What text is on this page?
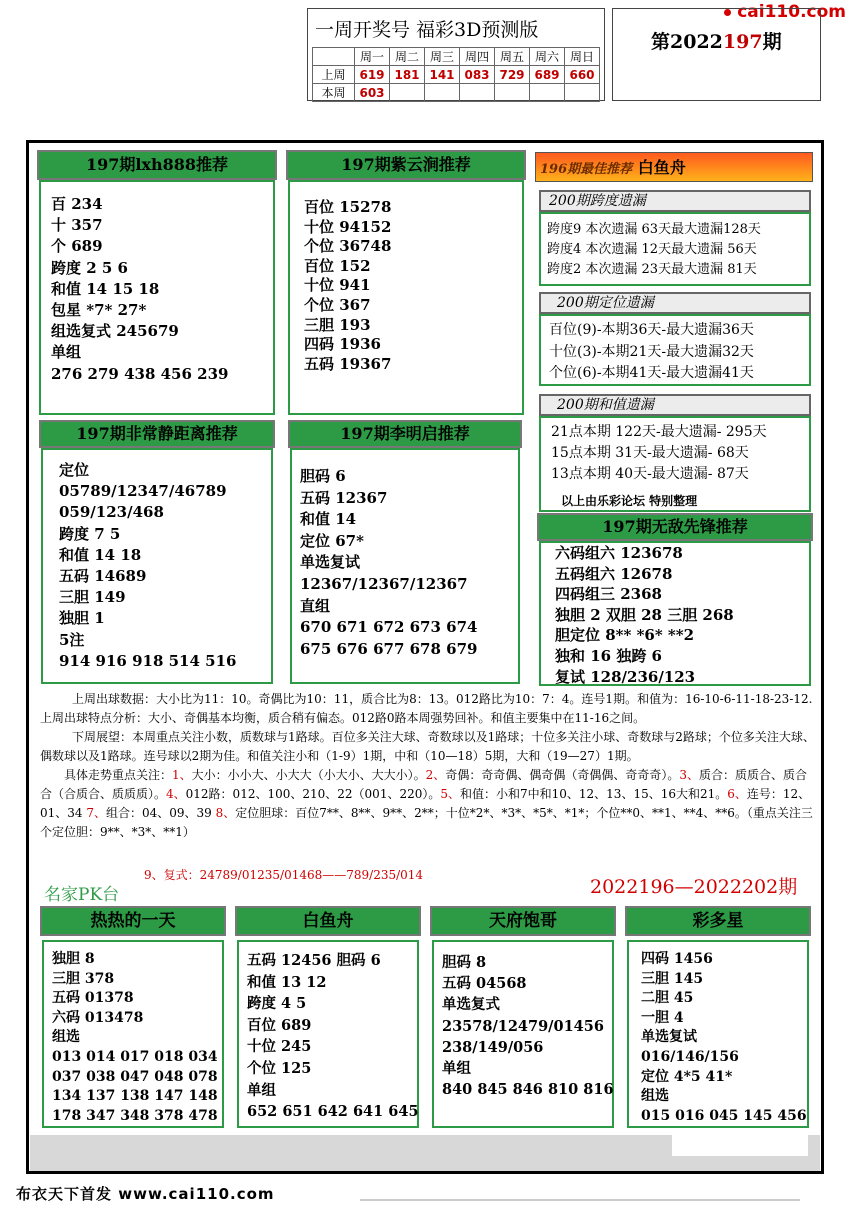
cai110.com
一周开奖号 福彩3D预测版
	周一	周二	周三	周四	周五	周六	周日
上周	619	181	141	083	729	689	660
本周	603						
第2022197期
197期lxh888推荐
百 234
十 357
个 689
跨度 2 5 6
和值 14 15 18
包星 *7* 27*
组选复式 245679
单组
276 279 438 456 239
197期紫云涧推荐
百位 15278
十位 94152
个位 36748
百位 152
十位 941
个位 367
三胆 193
四码 1936
五码 19367
197期非常静距离推荐
定位
05789/12347/46789
059/123/468
跨度 7 5
和值 14 18
五码 14689
三胆 149
独胆 1
5注
914 916 918 514 516
197期李明启推荐
胆码 6
五码 12367
和值 14
定位 67*
单选复试
12367/12367/12367
直组
670 671 672 673 674
675 676 677 678 679
196期最佳推荐 白鱼舟
200期跨度遗漏
跨度9 本次遗漏 63天最大遗漏128天
跨度4 本次遗漏 12天最大遗漏 56天
跨度2 本次遗漏 23天最大遗漏 81天
200期定位遗漏
百位(9)-本期36天-最大遗漏36天
十位(3)-本期21天-最大遗漏32天
个位(6)-本期41天-最大遗漏41天
200期和值遗漏
21点本期 122天-最大遗漏- 295天
15点本期 31天-最大遗漏- 68天
13点本期 40天-最大遗漏- 87天
以上由乐彩论坛 特别整理
197期无敌先锋推荐
六码组六 123678
五码组六 12678
四码组三 2368
独胆 2 双胆 28 三胆 268
胆定位 8** *6* **2
独和 16 独跨 6
复试 128/236/123

上周出球数据：大小比为11：10。奇偶比为10：11，质合比为8：13。012路比为10：7：4。连号1期。和值为：16-10-6-11-18-23-12.上周出球特点分析：大小、奇偶基本均衡，质合稍有偏态。012路0路本周强势回补。和值主要集中在11-16之间。

下周展望：本周重点关注小数，质数球与1路球。百位多关注大球、奇数球以及1路球；十位多关注小球、奇数球与2路球；个位多关注大球、偶数球以及1路球。连号球以2期为佳。和值关注小和（1-9）1期，中和（10—18）5期，大和（19—27）1期。

具体走势重点关注：1、大小：小小大、小大大（小大小、大大小）。2、奇偶：奇奇偶、偶奇偶（奇偶偶、奇奇奇）。3、质合：质质合、质合合（合质合、质质质）。4、012路：012、100、210、22（001、220）。5、和值：小和7中和10、12、13、15、16大和21。6、连号：12、01、34 7、组合：04、09、39 8、定位胆球：百位7**、8**、9**、2**；十位*2*、*3*、*5*、*1*；个位**0、**1、**4、**6。（重点关注三个定位胆：9**、*3*、**1）

9、复式：24789/01235/01468——789/235/014
名家PK台	2022196—2022202期
热热的一天
独胆 8
三胆 378
五码 01378
六码 013478
组选
013 014 017 018 034
037 038 047 048 078
134 137 138 147 148
178 347 348 378 478
白鱼舟
五码 12456 胆码 6
和值 13 12
跨度 4 5
百位 689
十位 245
个位 125
单组
652 651 642 641 645
天府饱哥
胆码 8
五码 04568
单选复式
23578/12479/01456
238/149/056
单组
840 845 846 810 816
彩多星
四码 1456
三胆 145
二胆 45
一胆 4
单选复试
016/146/156
定位 4*5 41*
组选
015 016 045 145 456
布衣天下首发 www.cai110.com
